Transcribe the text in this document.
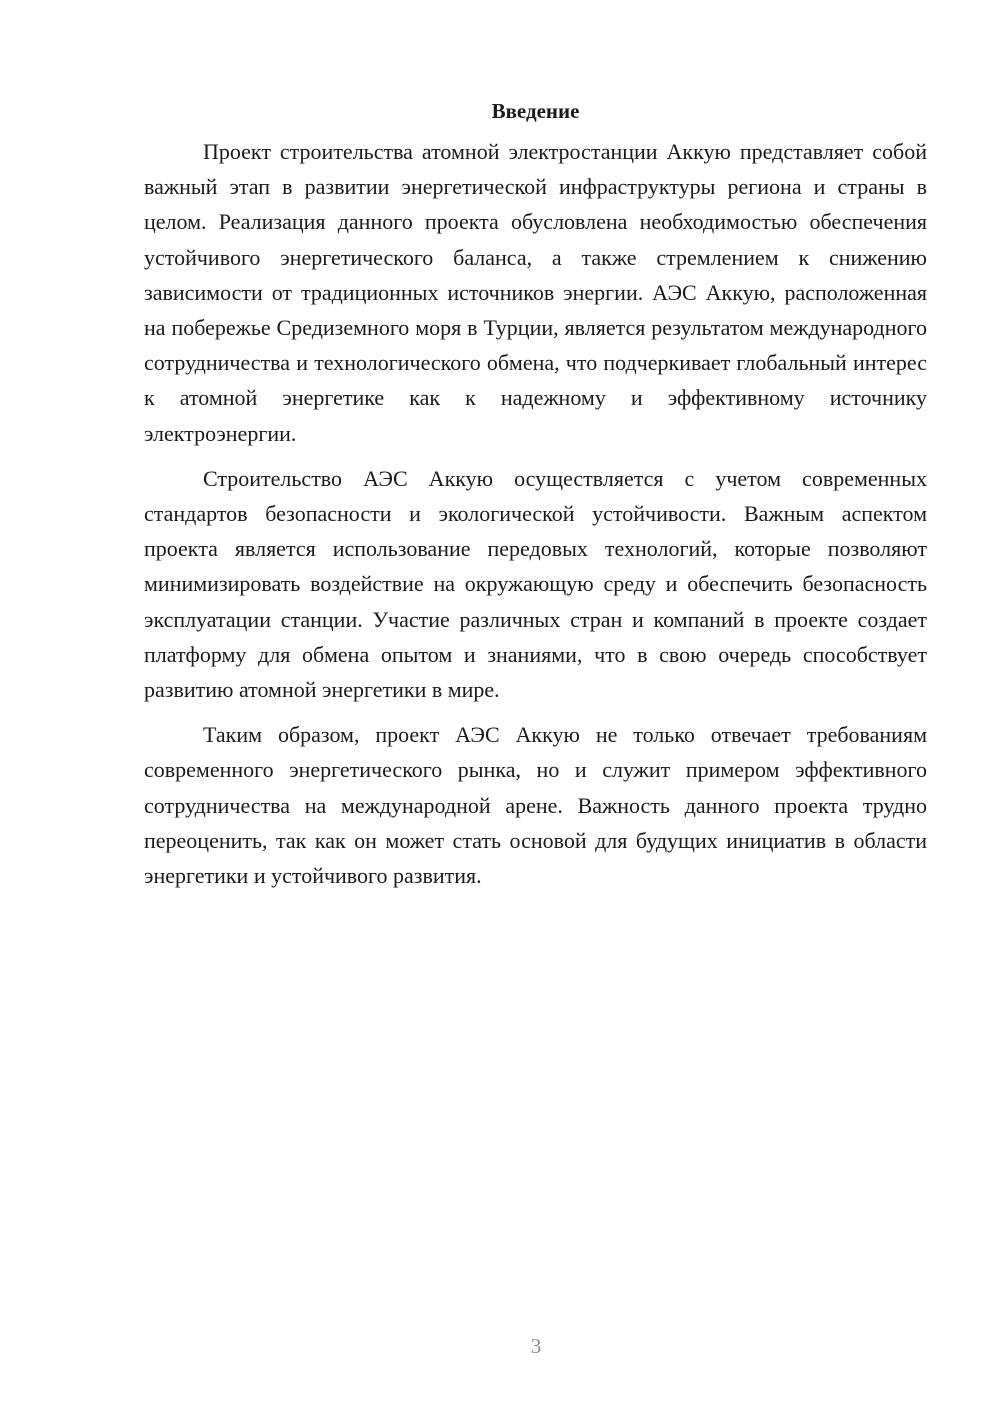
Введение

Проект строительства атомной электростанции Аккую представляет собой важный этап в развитии энергетической инфраструктуры региона и страны в целом. Реализация данного проекта обусловлена необходимостью обеспечения устойчивого энергетического баланса, а также стремлением к снижению зависимости от традиционных источников энергии. АЭС Аккую, расположенная на побережье Средиземного моря в Турции, является результатом международного сотрудничества и технологического обмена, что подчеркивает глобальный интерес к атомной энергетике как к надежному и эффективному источнику электроэнергии.

Строительство АЭС Аккую осуществляется с учетом современных стандартов безопасности и экологической устойчивости. Важным аспектом проекта является использование передовых технологий, которые позволяют минимизировать воздействие на окружающую среду и обеспечить безопасность эксплуатации станции. Участие различных стран и компаний в проекте создает платформу для обмена опытом и знаниями, что в свою очередь способствует развитию атомной энергетики в мире.

Таким образом, проект АЭС Аккую не только отвечает требованиям современного энергетического рынка, но и служит примером эффективного сотрудничества на международной арене. Важность данного проекта трудно переоценить, так как он может стать основой для будущих инициатив в области энергетики и устойчивого развития.

3
